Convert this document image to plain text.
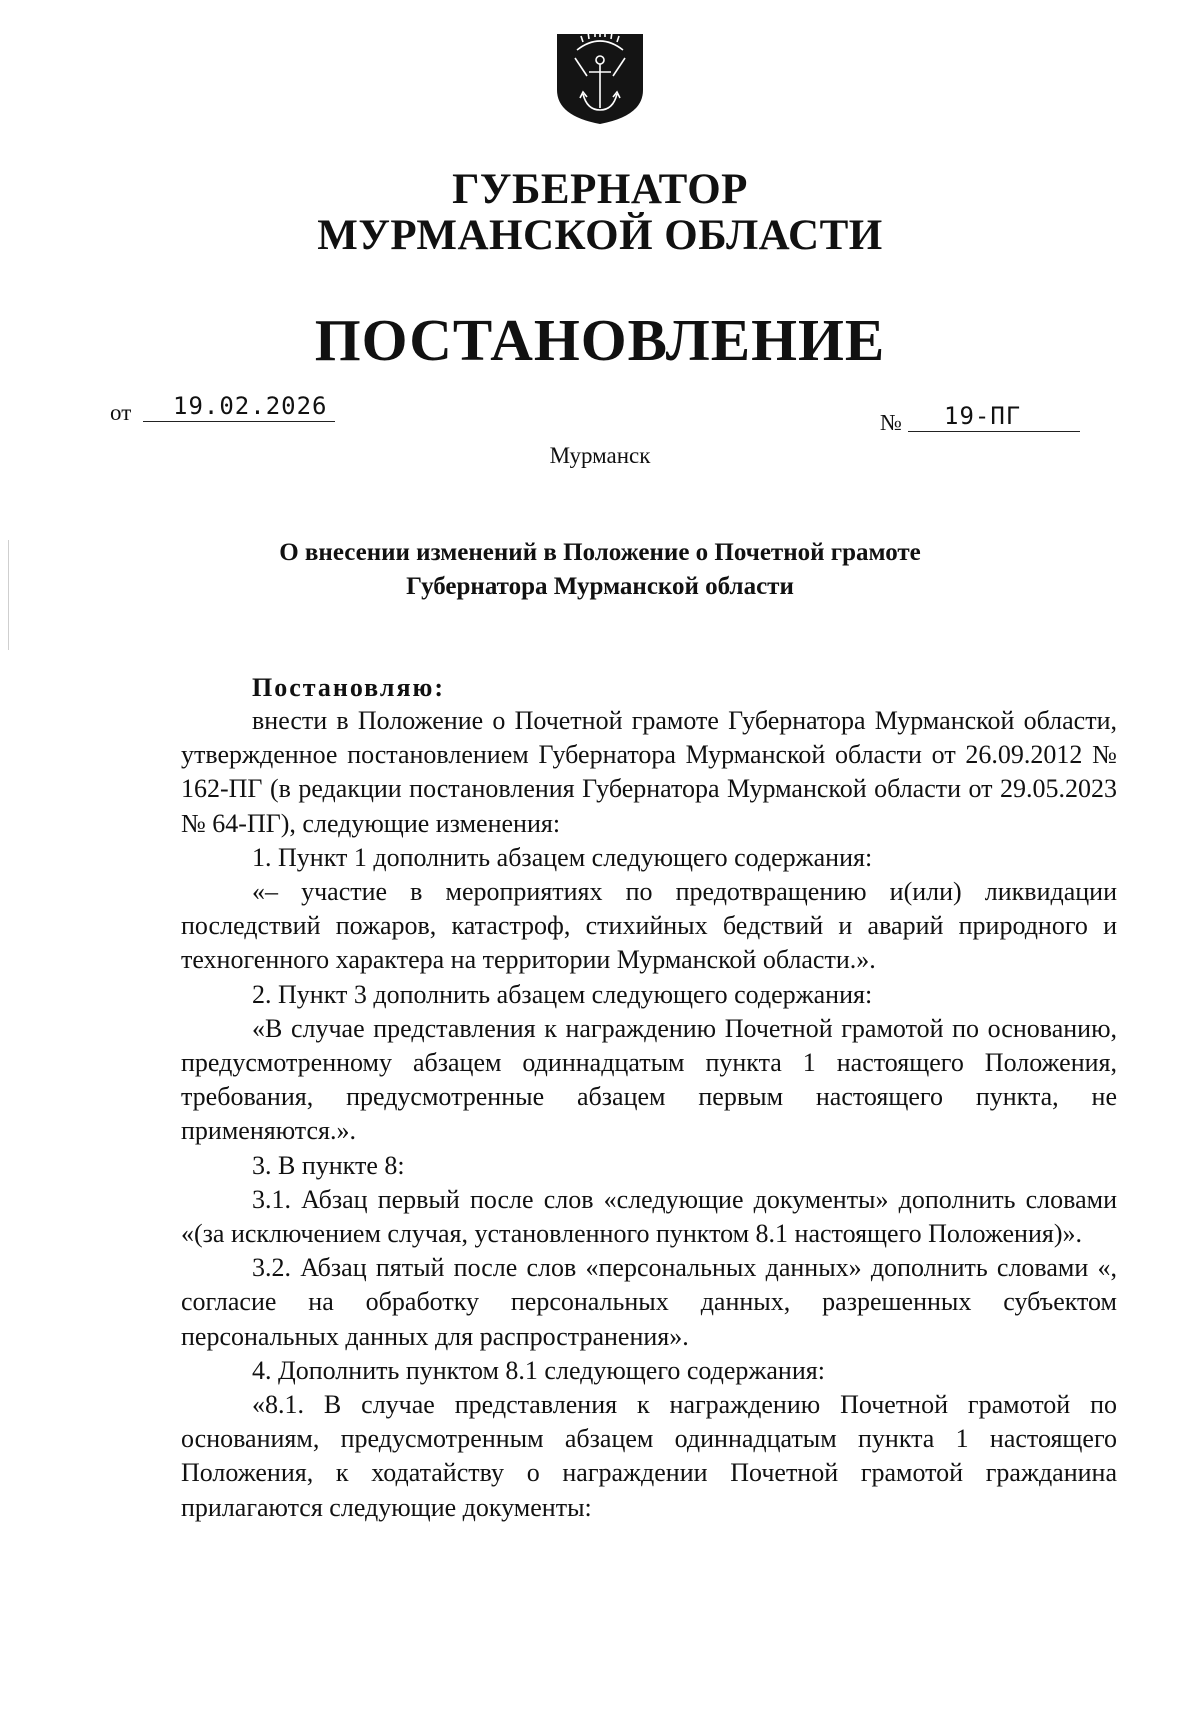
ГУБЕРНАТОР
МУРМАНСКОЙ ОБЛАСТИ
ПОСТАНОВЛЕНИЕ
от	19.02.2026
№	19-ПГ
Мурманск
О внесении изменений в Положение о Почетной грамоте
Губернатора Мурманской области
Постановляю:

внести в Положение о Почетной грамоте Губернатора Мурманской области, утвержденное постановлением Губернатора Мурманской области от 26.09.2012 № 162-ПГ (в редакции постановления Губернатора Мурманской области от 29.05.2023 № 64-ПГ), следующие изменения:

1. Пункт 1 дополнить абзацем следующего содержания:

«– участие в мероприятиях по предотвращению и(или) ликвидации последствий пожаров, катастроф, стихийных бедствий и аварий природного и техногенного характера на территории Мурманской области.».

2. Пункт 3 дополнить абзацем следующего содержания:

«В случае представления к награждению Почетной грамотой по основанию, предусмотренному абзацем одиннадцатым пункта 1 настоящего Положения, требования, предусмотренные абзацем первым настоящего пункта, не применяются.».

3. В пункте 8:

3.1. Абзац первый после слов «следующие документы» дополнить словами «(за исключением случая, установленного пунктом 8.1 настоящего Положения)».

3.2. Абзац пятый после слов «персональных данных» дополнить словами «, согласие на обработку персональных данных, разрешенных субъектом персональных данных для распространения».

4. Дополнить пунктом 8.1 следующего содержания:

«8.1. В случае представления к награждению Почетной грамотой по основаниям, предусмотренным абзацем одиннадцатым пункта 1 настоящего Положения, к ходатайству о награждении Почетной грамотой гражданина прилагаются следующие документы:
